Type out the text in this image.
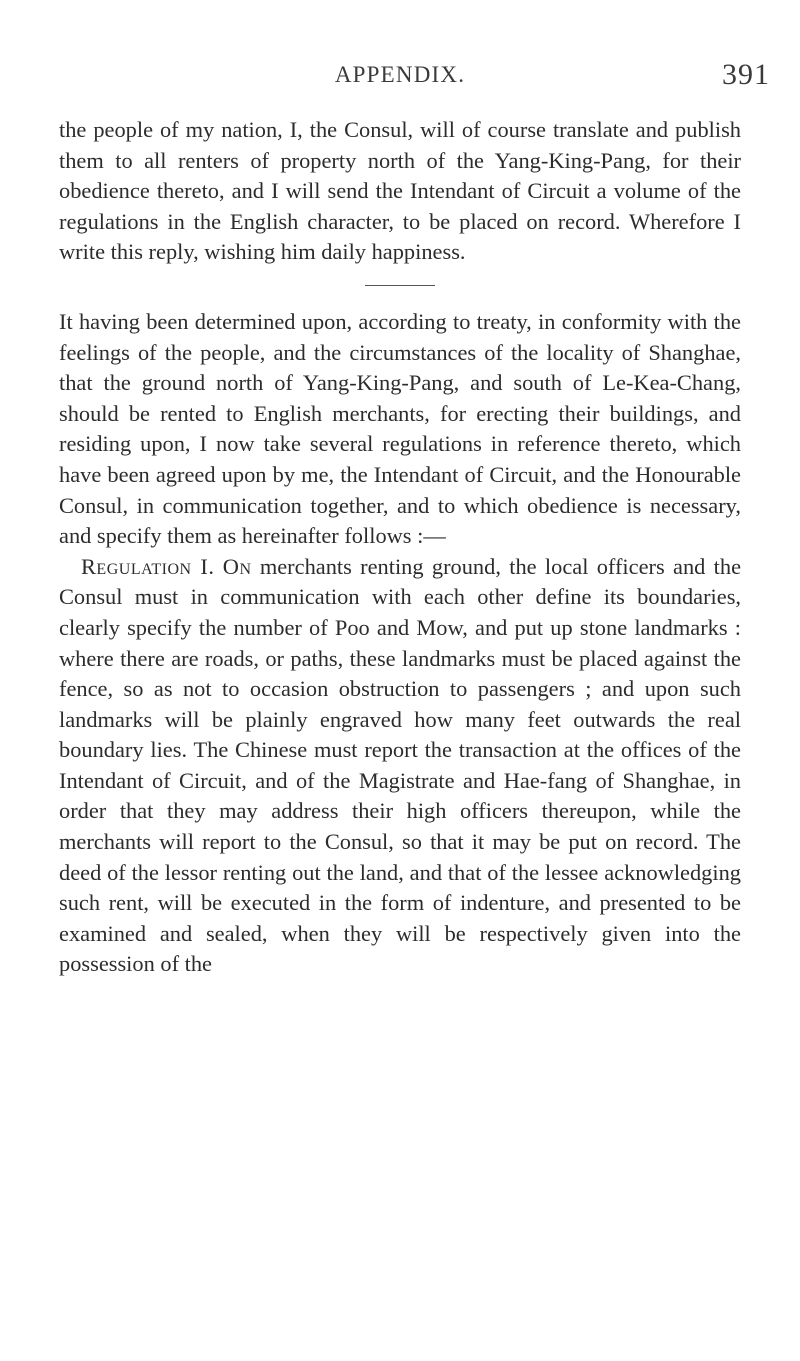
APPENDIX.	391

the people of my nation, I, the Consul, will of course translate and publish them to all renters of property north of the Yang-King-Pang, for their obedience thereto, and I will send the Intendant of Circuit a volume of the regulations in the English character, to be placed on record. Wherefore I write this reply, wishing him daily happiness.

It having been determined upon, according to treaty, in conformity with the feelings of the people, and the circumstances of the locality of Shanghae, that the ground north of Yang-King-Pang, and south of Le-Kea-Chang, should be rented to English merchants, for erecting their buildings, and residing upon, I now take several regulations in reference thereto, which have been agreed upon by me, the Intendant of Circuit, and the Honourable Consul, in communication together, and to which obedience is necessary, and specify them as hereinafter follows :—

Regulation I. On merchants renting ground, the local officers and the Consul must in communication with each other define its boundaries, clearly specify the number of Poo and Mow, and put up stone landmarks : where there are roads, or paths, these landmarks must be placed against the fence, so as not to occasion obstruction to passengers ; and upon such landmarks will be plainly engraved how many feet outwards the real boundary lies. The Chinese must report the transaction at the offices of the Intendant of Circuit, and of the Magistrate and Hae-fang of Shanghae, in order that they may address their high officers thereupon, while the merchants will report to the Consul, so that it may be put on record. The deed of the lessor renting out the land, and that of the lessee acknowledging such rent, will be executed in the form of indenture, and presented to be examined and sealed, when they will be respectively given into the possession of the
